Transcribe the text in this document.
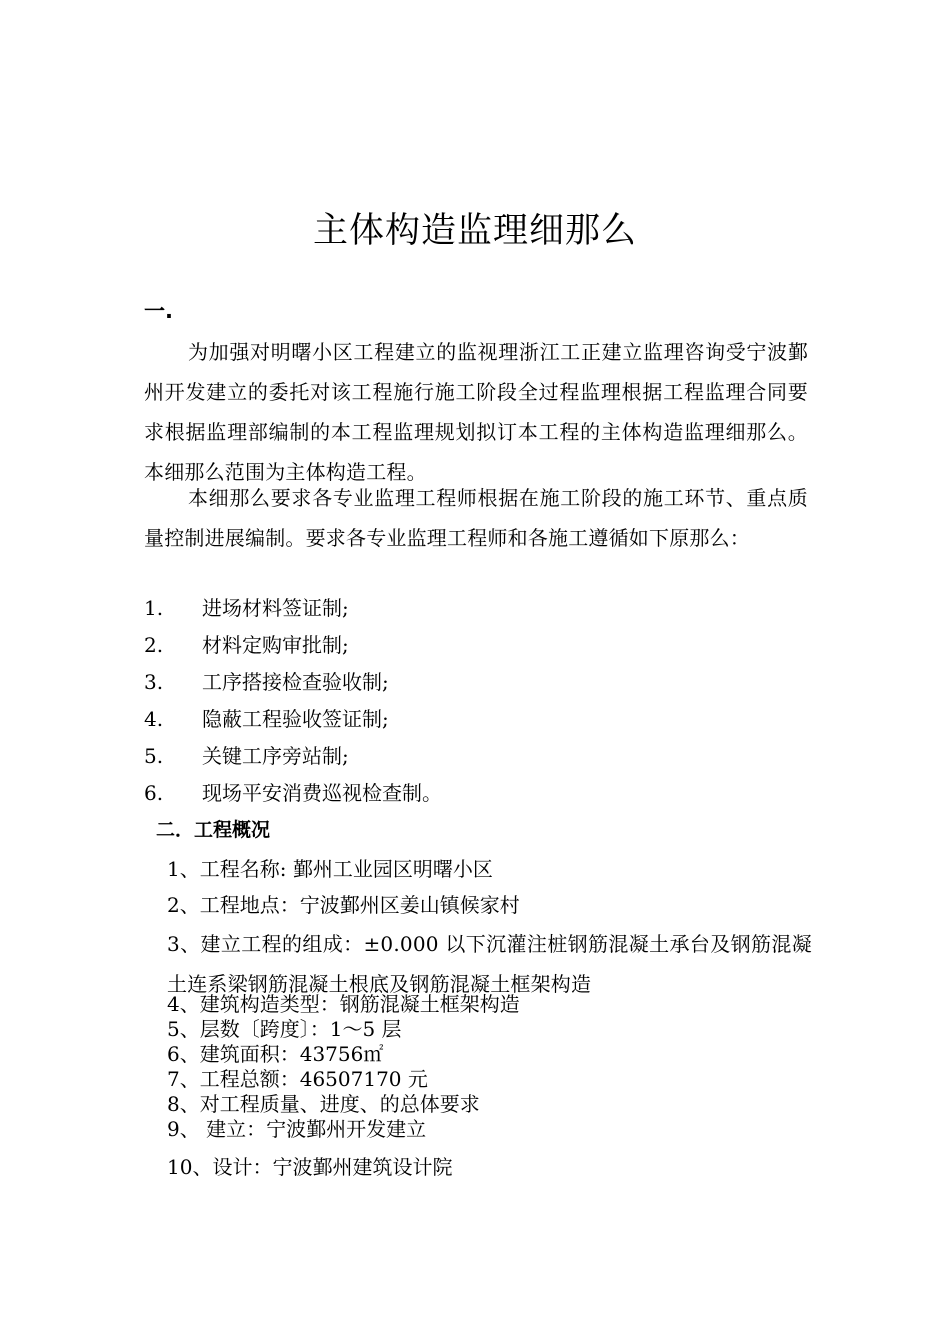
主体构造监理细那么
一.
为加强对明曙小区工程建立的监视理浙江工正建立监理咨询受宁波鄞州开发建立的委托对该工程施行施工阶段全过程监理根据工程监理合同要求根据监理部编制的本工程监理规划拟订本工程的主体构造监理细那么。本细那么范围为主体构造工程。
本细那么要求各专业监理工程师根据在施工阶段的施工环节、重点质量控制进展编制。要求各专业监理工程师和各施工遵循如下原那么：
1. 进场材料签证制;
2. 材料定购审批制;
3. 工序搭接检查验收制;
4. 隐蔽工程验收签证制;
5. 关键工序旁站制;
6. 现场平安消费巡视检查制。
二．工程概况
1、工程名称: 鄞州工业园区明曙小区
2、工程地点：宁波鄞州区姜山镇候家村
3、建立工程的组成：±0.000 以下沉灌注桩钢筋混凝土承台及钢筋混凝土连系梁钢筋混凝土根底及钢筋混凝土框架构造
4、建筑构造类型：钢筋混凝土框架构造
5、层数〔跨度〕：1～5 层
6、建筑面积：43756㎡
7、工程总额：46507170 元
8、对工程质量、进度、的总体要求
9、 建立：宁波鄞州开发建立
10、设计：宁波鄞州建筑设计院
